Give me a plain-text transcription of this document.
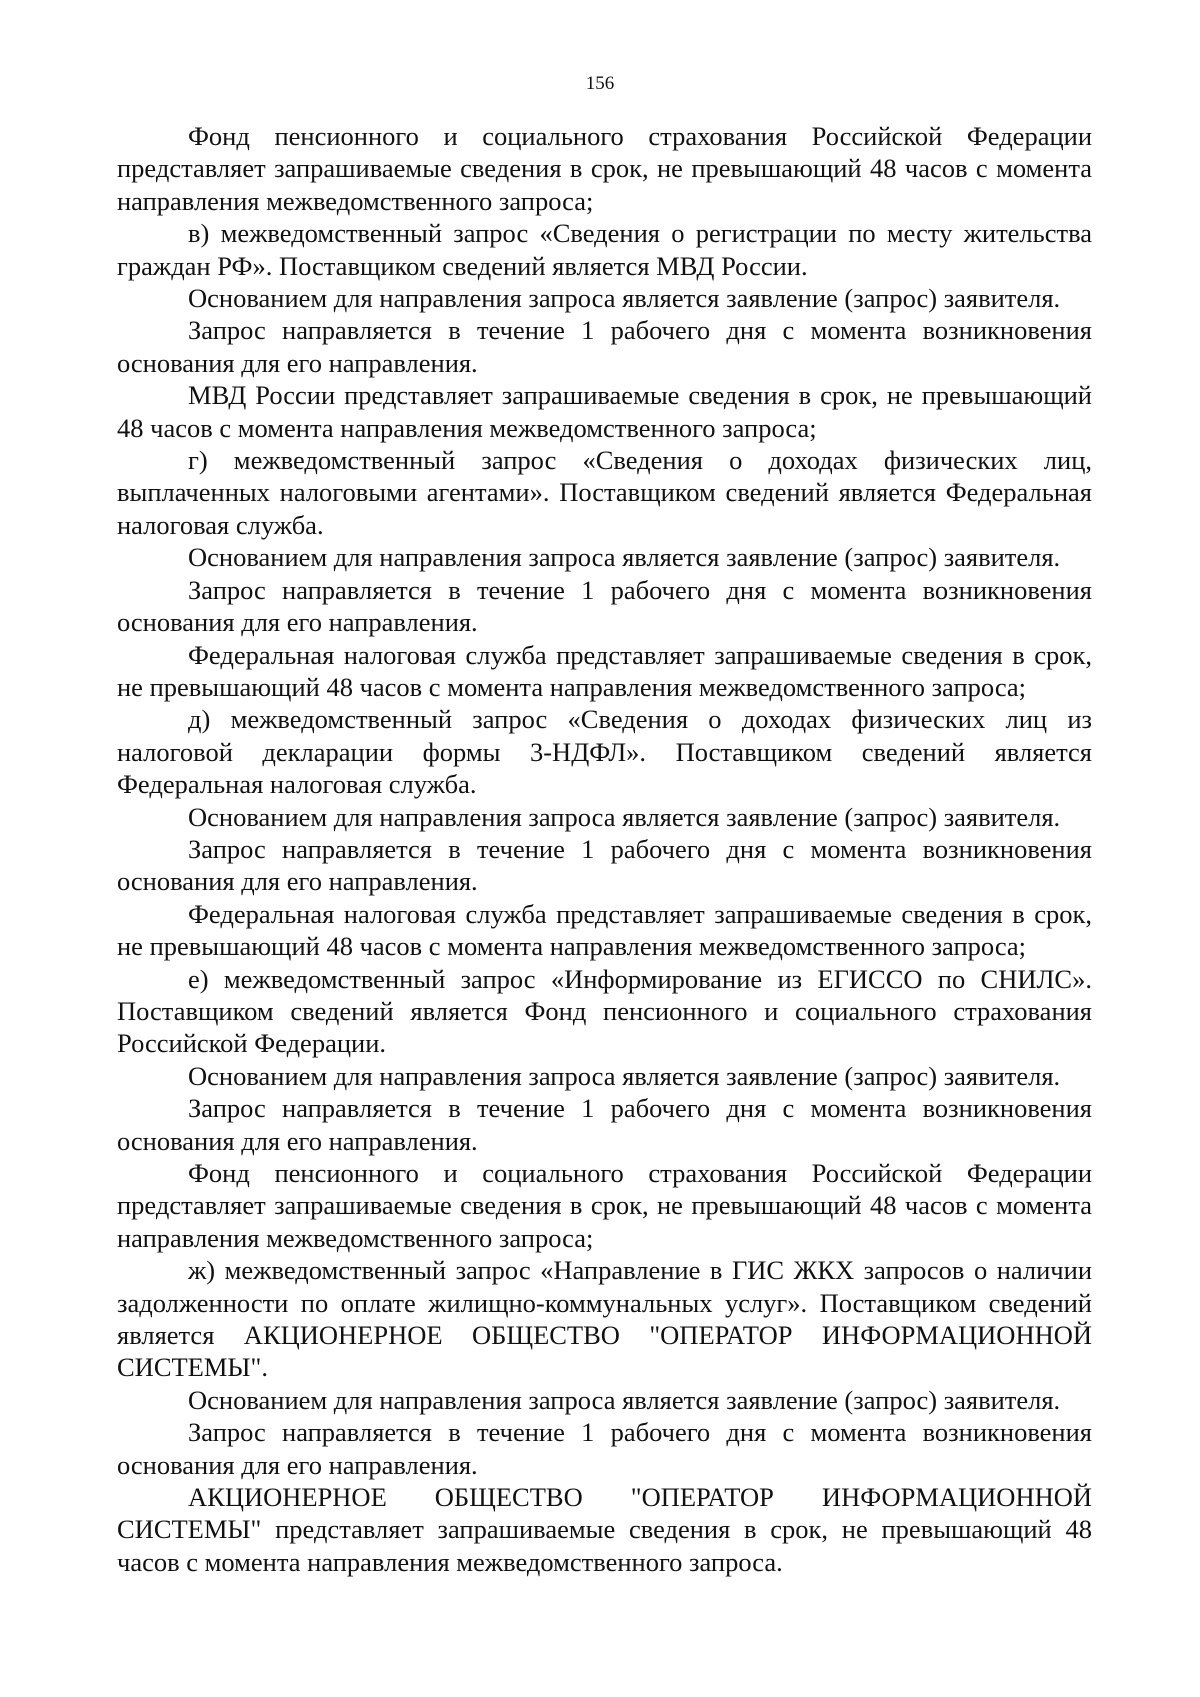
156

Фонд пенсионного и социального страхования Российской Федерации представляет запрашиваемые сведения в срок, не превышающий 48 часов с момента направления межведомственного запроса;

в) межведомственный запрос «Сведения о регистрации по месту жительства граждан РФ». Поставщиком сведений является МВД России.

Основанием для направления запроса является заявление (запрос) заявителя.

Запрос направляется в течение 1 рабочего дня с момента возникновения основания для его направления.

МВД России представляет запрашиваемые сведения в срок, не превышающий 48 часов с момента направления межведомственного запроса;

г) межведомственный запрос «Сведения о доходах физических лиц, выплаченных налоговыми агентами». Поставщиком сведений является Федеральная налоговая служба.

Основанием для направления запроса является заявление (запрос) заявителя.

Запрос направляется в течение 1 рабочего дня с момента возникновения основания для его направления.

Федеральная налоговая служба представляет запрашиваемые сведения в срок, не превышающий 48 часов с момента направления межведомственного запроса;

д) межведомственный запрос «Сведения о доходах физических лиц из налоговой декларации формы 3-НДФЛ». Поставщиком сведений является Федеральная налоговая служба.

Основанием для направления запроса является заявление (запрос) заявителя.

Запрос направляется в течение 1 рабочего дня с момента возникновения основания для его направления.

Федеральная налоговая служба представляет запрашиваемые сведения в срок, не превышающий 48 часов с момента направления межведомственного запроса;

е) межведомственный запрос «Информирование из ЕГИССО по СНИЛС». Поставщиком сведений является Фонд пенсионного и социального страхования Российской Федерации.

Основанием для направления запроса является заявление (запрос) заявителя.

Запрос направляется в течение 1 рабочего дня с момента возникновения основания для его направления.

Фонд пенсионного и социального страхования Российской Федерации представляет запрашиваемые сведения в срок, не превышающий 48 часов с момента направления межведомственного запроса;

ж) межведомственный запрос «Направление в ГИС ЖКХ запросов о наличии задолженности по оплате жилищно-коммунальных услуг». Поставщиком сведений является АКЦИОНЕРНОЕ ОБЩЕСТВО "ОПЕРАТОР ИНФОРМАЦИОННОЙ СИСТЕМЫ".

Основанием для направления запроса является заявление (запрос) заявителя.

Запрос направляется в течение 1 рабочего дня с момента возникновения основания для его направления.

АКЦИОНЕРНОЕ ОБЩЕСТВО "ОПЕРАТОР ИНФОРМАЦИОННОЙ СИСТЕМЫ" представляет запрашиваемые сведения в срок, не превышающий 48 часов с момента направления межведомственного запроса.
